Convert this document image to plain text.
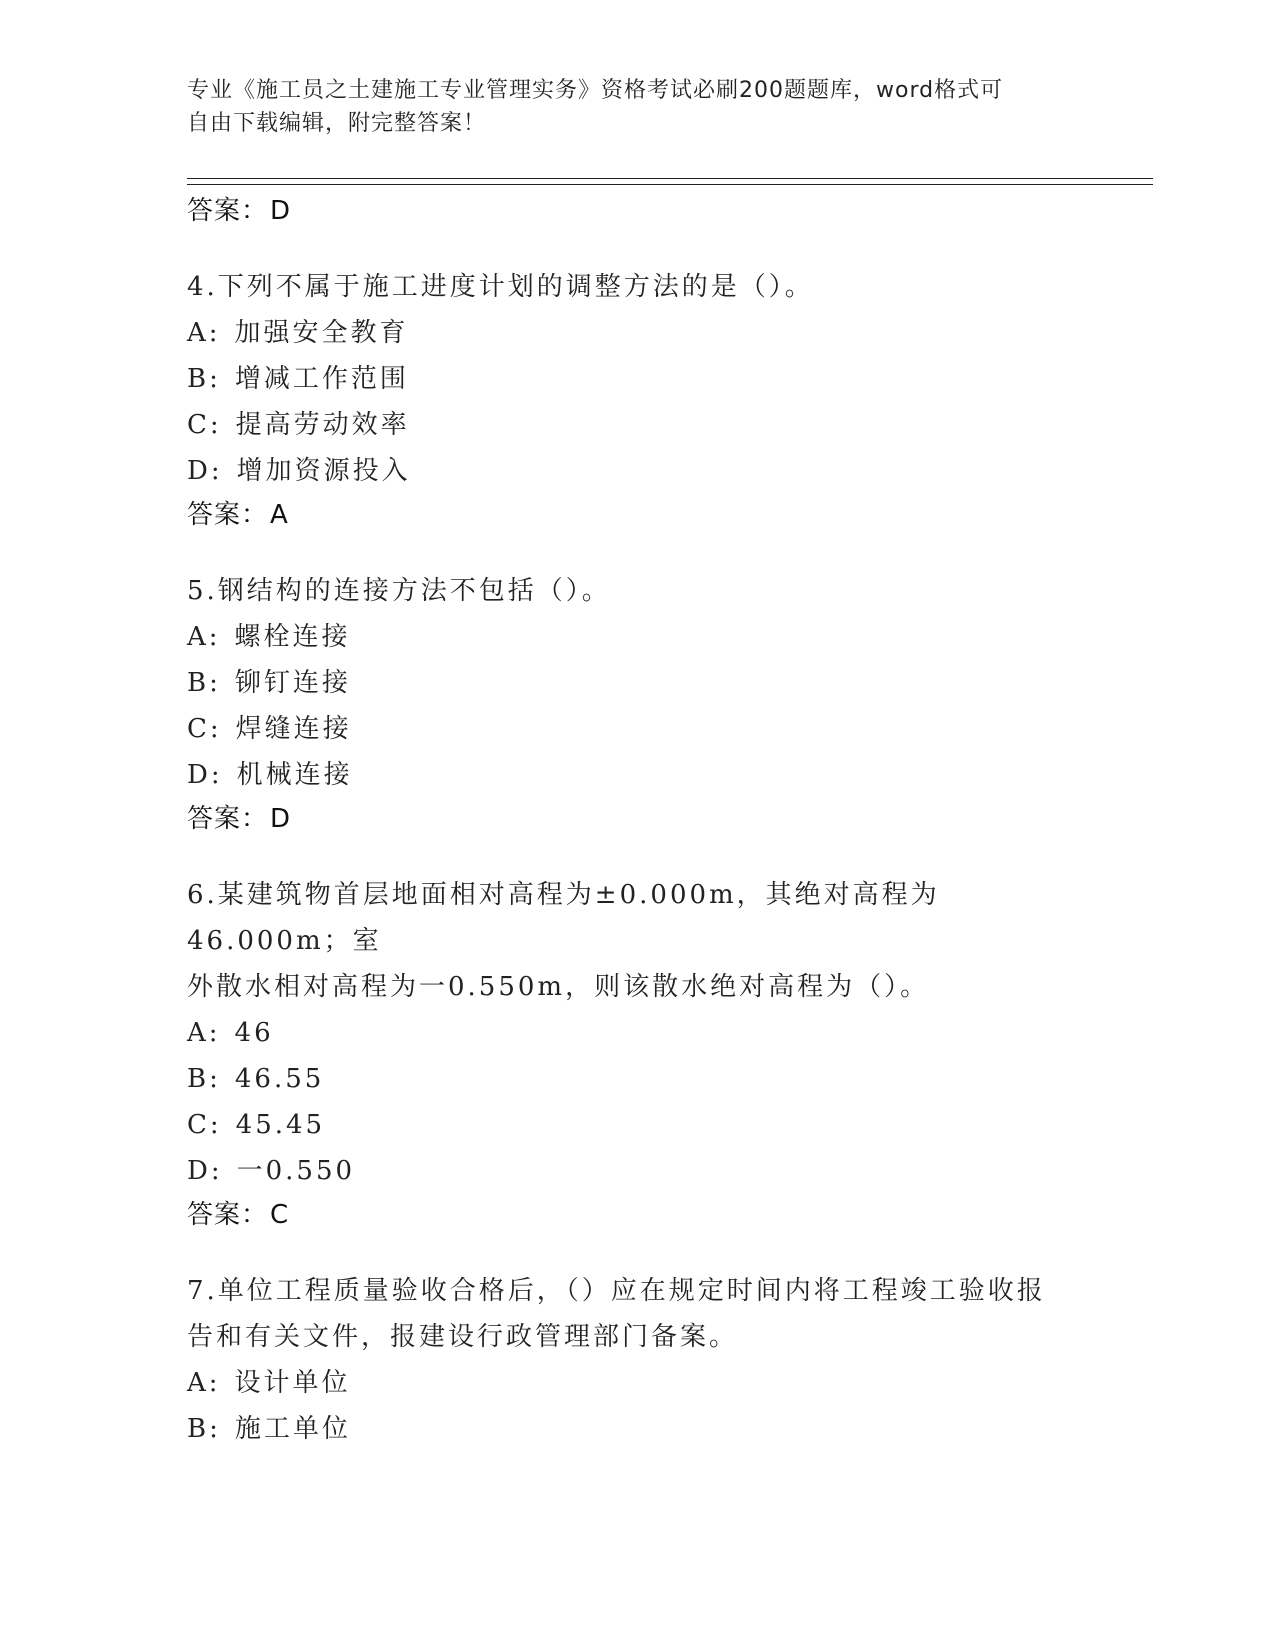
专业《施工员之土建施工专业管理实务》资格考试必刷200题题库，word格式可
自由下载编辑，附完整答案！
答案：D
4.下列不属于施工进度计划的调整方法的是（）。
A: 加强安全教育
B: 增减工作范围
C: 提高劳动效率
D: 增加资源投入
答案：A
5.钢结构的连接方法不包括（）。
A: 螺栓连接
B: 铆钉连接
C: 焊缝连接
D: 机械连接
答案：D
6.某建筑物首层地面相对高程为±0.000m，其绝对高程为46.000m；室
外散水相对高程为一0.550m，则该散水绝对高程为（）。
A: 46
B: 46.55
C: 45.45
D: 一0.550
答案：C
7.单位工程质量验收合格后，（）应在规定时间内将工程竣工验收报
告和有关文件，报建设行政管理部门备案。
A: 设计单位
B: 施工单位
